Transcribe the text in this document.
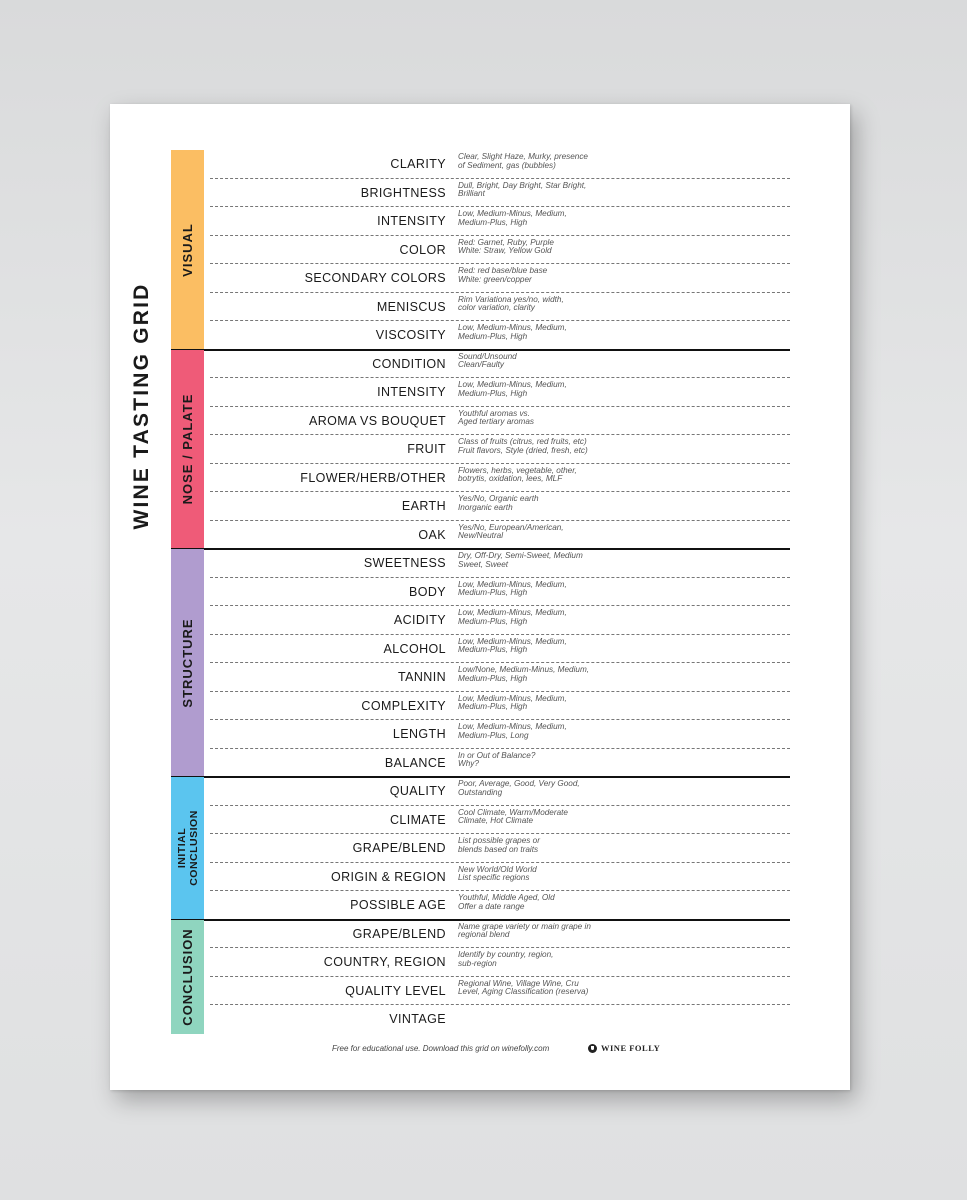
WINE TASTING GRID
VISUAL
CLARITY
Clear, Slight Haze, Murky, presence
of Sediment, gas (bubbles)
BRIGHTNESS
Dull, Bright, Day Bright, Star Bright,
Brilliant
INTENSITY
Low, Medium-Minus, Medium,
Medium-Plus, High
COLOR
Red: Garnet, Ruby, Purple
White: Straw, Yellow Gold
SECONDARY COLORS
Red: red base/blue base
White: green/copper
MENISCUS
Rim Variationa yes/no, width,
color variation, clarity
VISCOSITY
Low, Medium-Minus, Medium,
Medium-Plus, High
NOSE / PALATE
CONDITION
Sound/Unsound
Clean/Faulty
INTENSITY
Low, Medium-Minus, Medium,
Medium-Plus, High
AROMA VS BOUQUET
Youthful aromas vs.
Aged tertiary aromas
FRUIT
Class of fruits (citrus, red fruits, etc)
Fruit flavors, Style (dried, fresh, etc)
FLOWER/HERB/OTHER
Flowers, herbs, vegetable, other,
botrytis, oxidation, lees, MLF
EARTH
Yes/No, Organic earth
Inorganic earth
OAK
Yes/No, European/American,
New/Neutral
STRUCTURE
SWEETNESS
Dry, Off-Dry, Semi-Sweet, Medium
Sweet, Sweet
BODY
Low, Medium-Minus, Medium,
Medium-Plus, High
ACIDITY
Low, Medium-Minus, Medium,
Medium-Plus, High
ALCOHOL
Low, Medium-Minus, Medium,
Medium-Plus, High
TANNIN
Low/None, Medium-Minus, Medium,
Medium-Plus, High
COMPLEXITY
Low, Medium-Minus, Medium,
Medium-Plus, High
LENGTH
Low, Medium-Minus, Medium,
Medium-Plus, Long
BALANCE
In or Out of Balance?
Why?
INITIAL
CONCLUSION
QUALITY
Poor, Average, Good, Very Good,
Outstanding
CLIMATE
Cool Climate, Warm/Moderate
Climate, Hot Climate
GRAPE/BLEND
List possible grapes or
blends based on traits
ORIGIN & REGION
New World/Old World
List specific regions
POSSIBLE AGE
Youthful, Middle Aged, Old
Offer a date range
CONCLUSION	GRAPE/BLEND
Name grape variety or main grape in
regional blend
COUNTRY, REGION
Identify by country, region,
sub-region
QUALITY LEVEL
Regional Wine, Village Wine, Cru
Level, Aging Classification (reserva)
VINTAGE
Free for educational use. Download this grid on winefolly.com	WINE FOLLY
